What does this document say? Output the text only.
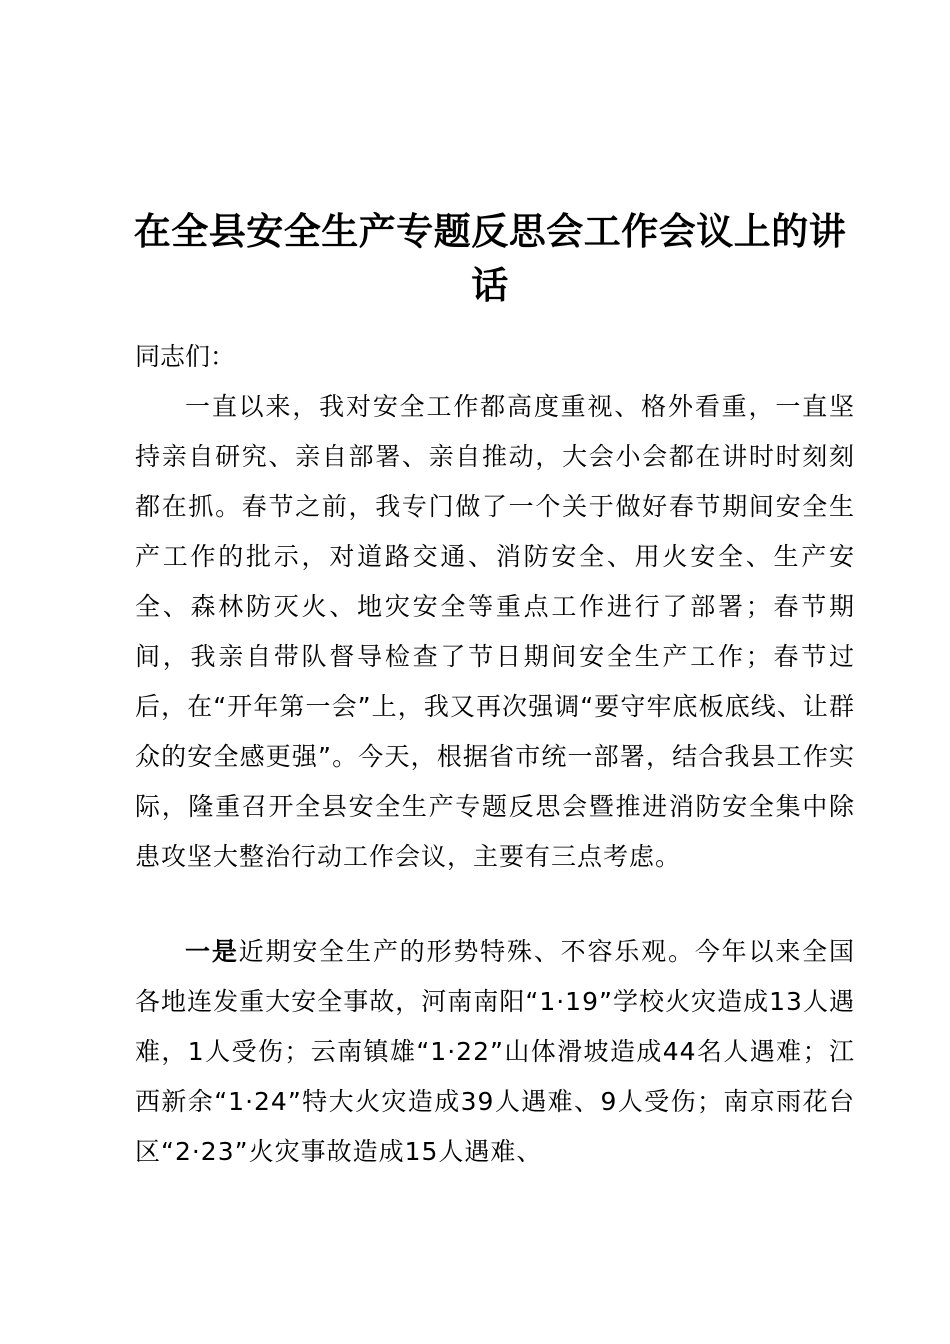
在全县安全生产专题反思会工作会议上的讲话
同志们：
一直以来，我对安全工作都高度重视、格外看重，一直坚持亲自研究、亲自部署、亲自推动，大会小会都在讲时时刻刻都在抓。春节之前，我专门做了一个关于做好春节期间安全生产工作的批示，对道路交通、消防安全、用火安全、生产安全、森林防灭火、地灾安全等重点工作进行了部署；春节期间，我亲自带队督导检查了节日期间安全生产工作；春节过后，在“开年第一会”上，我又再次强调“要守牢底板底线、让群众的安全感更强”。今天，根据省市统一部署，结合我县工作实际，隆重召开全县安全生产专题反思会暨推进消防安全集中除患攻坚大整治行动工作会议，主要有三点考虑。
一是近期安全生产的形势特殊、不容乐观。今年以来全国各地连发重大安全事故，河南南阳“1·19”学校火灾造成13人遇难，1人受伤；云南镇雄“1·22”山体滑坡造成44名人遇难；江西新余“1·24”特大火灾造成39人遇难、9人受伤；南京雨花台区“2·23”火灾事故造成15人遇难、
